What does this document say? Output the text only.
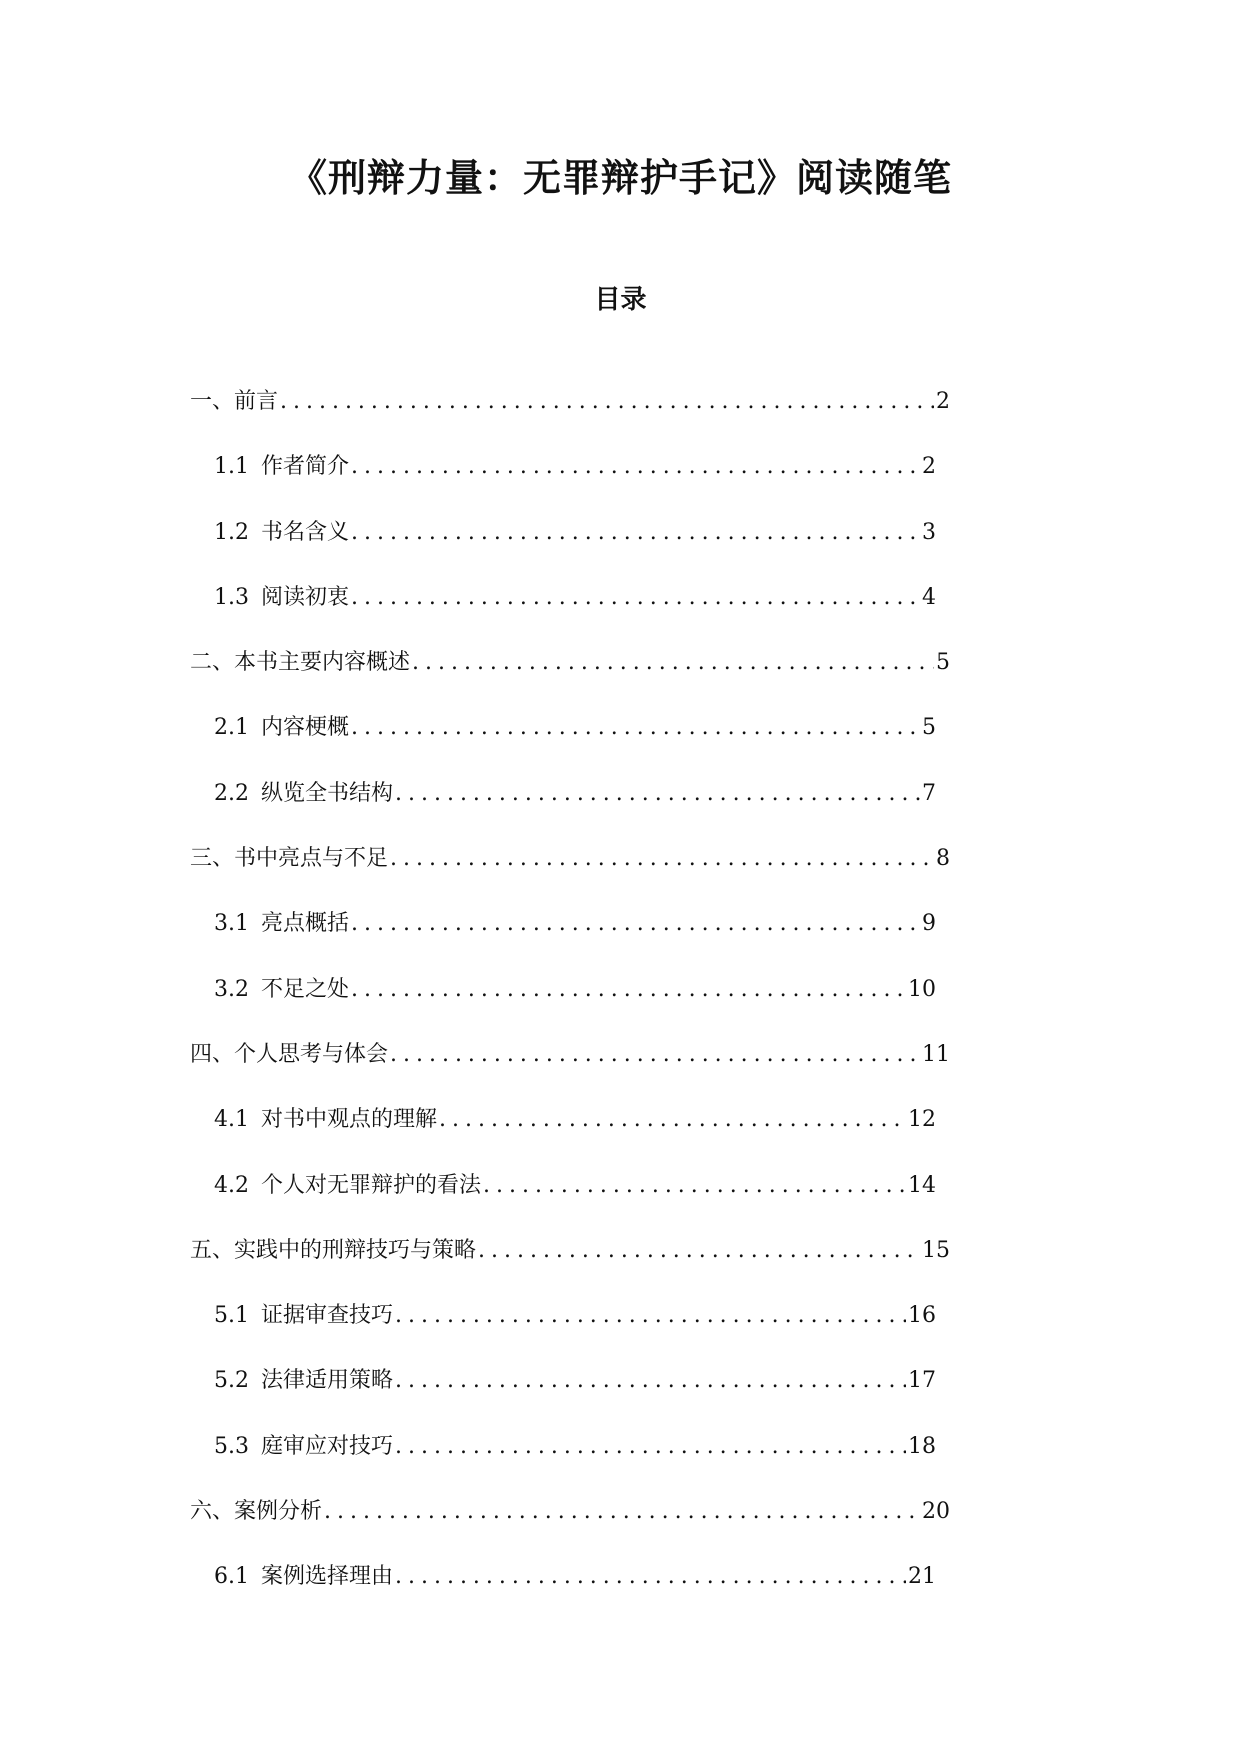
《刑辩力量：无罪辩护手记》阅读随笔
目录
一、前言 . . .	2
1.1 作者简介 . . .	2
1.2 书名含义 . . .	3
1.3 阅读初衷 . . .	4
二、本书主要内容概述 . . .	5
2.1 内容梗概 . . .	5
2.2 纵览全书结构 . . .	7
三、书中亮点与不足 . . .	8
3.1 亮点概括 . . .	9
3.2 不足之处 . . .	10
四、个人思考与体会 . . .	11
4.1 对书中观点的理解 . . .	12
4.2 个人对无罪辩护的看法 . . .	14
五、实践中的刑辩技巧与策略 . . .	15
5.1 证据审查技巧 . . .	16
5.2 法律适用策略 . . .	17
5.3 庭审应对技巧 . . .	18
六、案例分析 . . .	20
6.1 案例选择理由 . . .	21
